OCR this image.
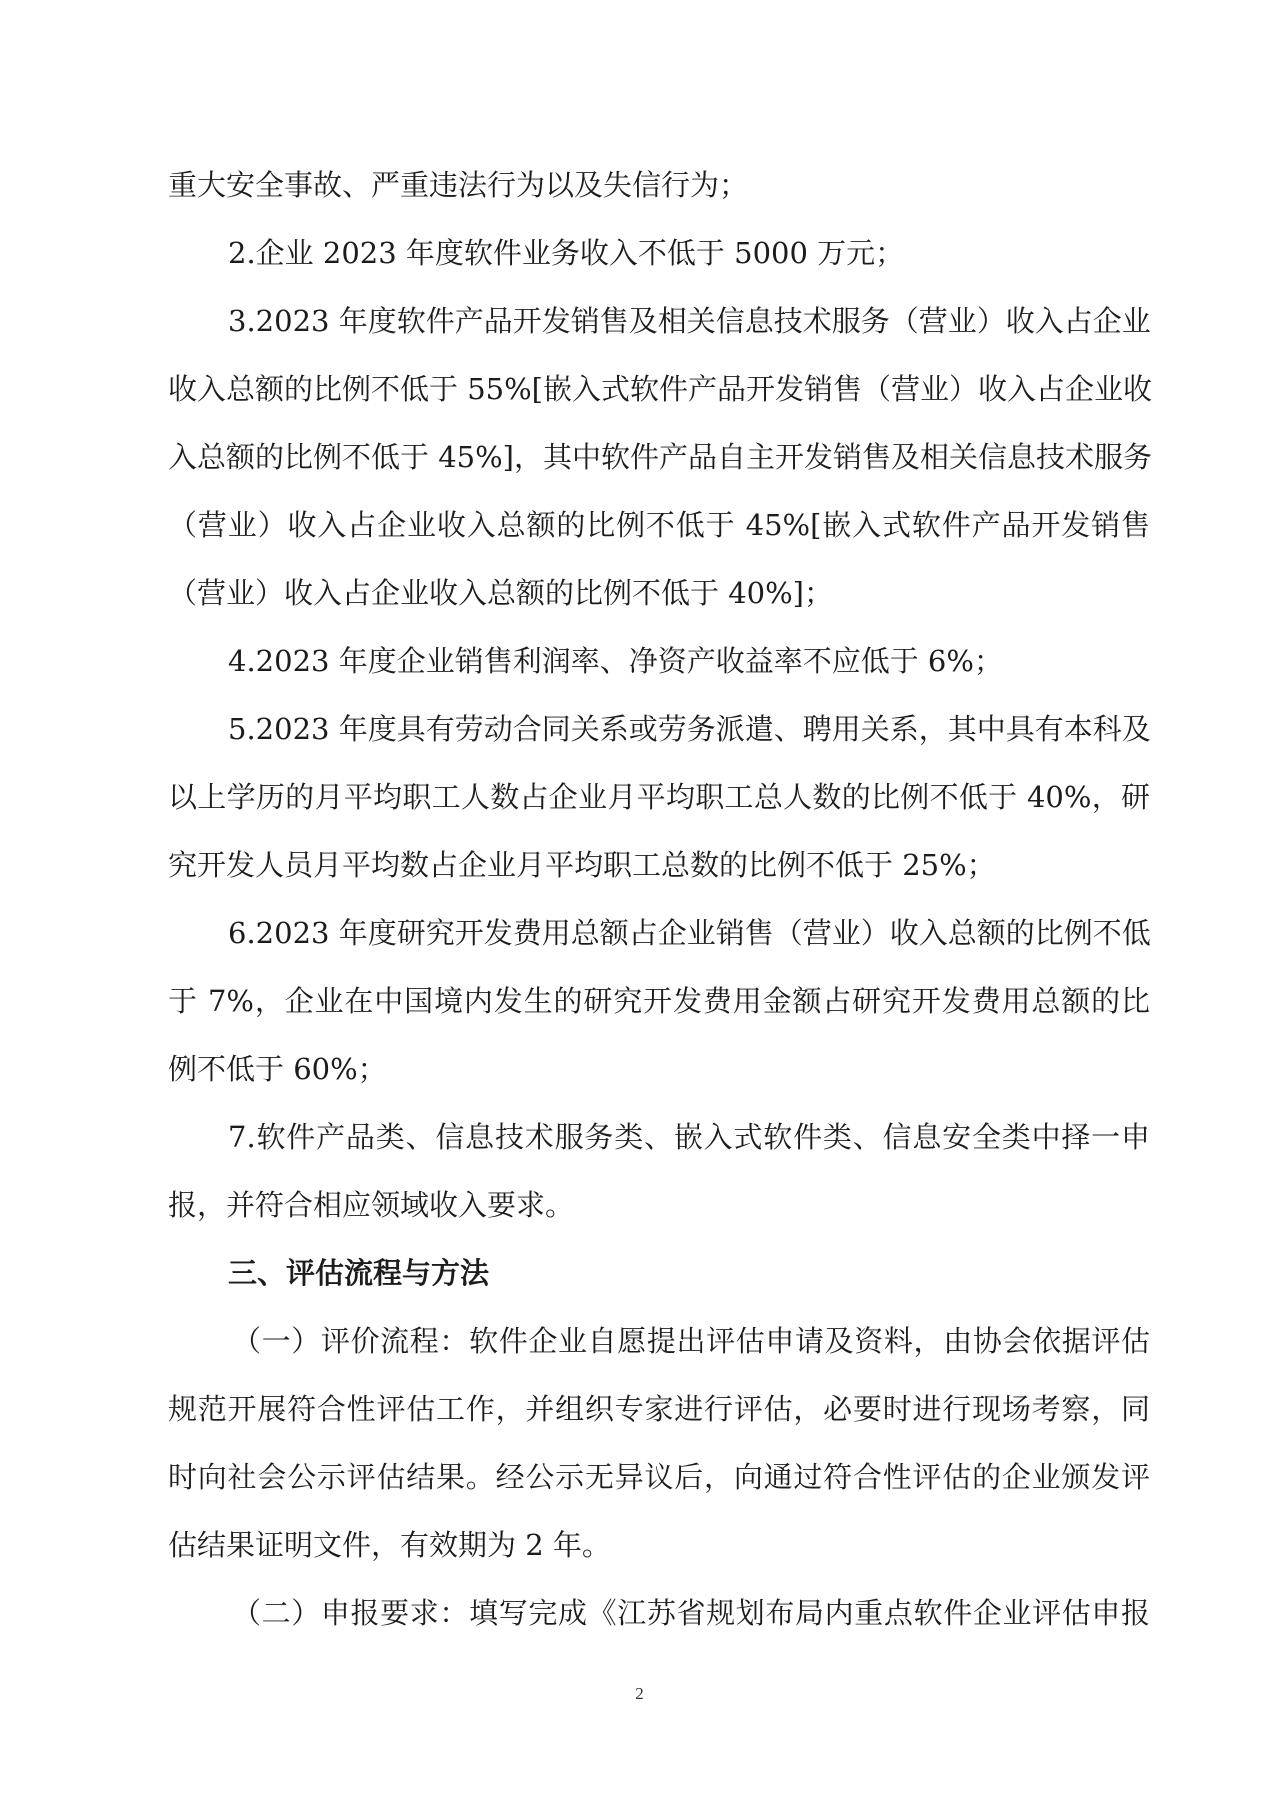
重大安全事故、严重违法行为以及失信行为；

2.企业 2023 年度软件业务收入不低于 5000 万元；

3.2023 年度软件产品开发销售及相关信息技术服务（营业）收入占企业

收入总额的比例不低于 55%[嵌入式软件产品开发销售（营业）收入占企业收

入总额的比例不低于 45%]，其中软件产品自主开发销售及相关信息技术服务

（营业）收入占企业收入总额的比例不低于 45%[嵌入式软件产品开发销售

（营业）收入占企业收入总额的比例不低于 40%]；

4.2023 年度企业销售利润率、净资产收益率不应低于 6%；

5.2023 年度具有劳动合同关系或劳务派遣、聘用关系，其中具有本科及

以上学历的月平均职工人数占企业月平均职工总人数的比例不低于 40%，研

究开发人员月平均数占企业月平均职工总数的比例不低于 25%；

6.2023 年度研究开发费用总额占企业销售（营业）收入总额的比例不低

于 7%，企业在中国境内发生的研究开发费用金额占研究开发费用总额的比

例不低于 60%；

7.软件产品类、信息技术服务类、嵌入式软件类、信息安全类中择一申

报，并符合相应领域收入要求。

三、评估流程与方法

（一）评价流程：软件企业自愿提出评估申请及资料，由协会依据评估

规范开展符合性评估工作，并组织专家进行评估，必要时进行现场考察，同

时向社会公示评估结果。经公示无异议后，向通过符合性评估的企业颁发评

估结果证明文件，有效期为 2 年。

（二）申报要求：填写完成《江苏省规划布局内重点软件企业评估申报

2
